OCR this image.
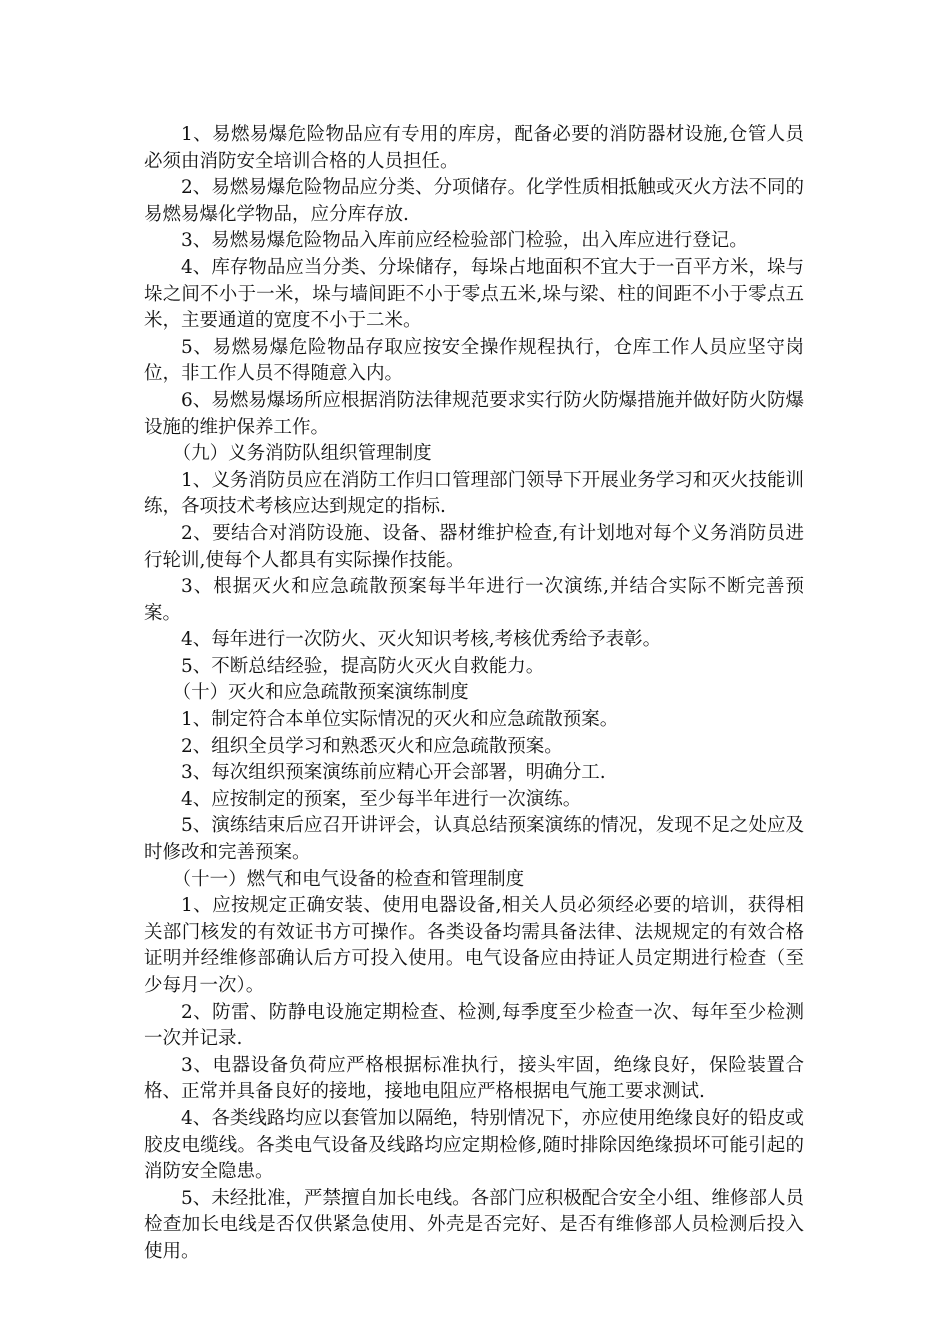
1、易燃易爆危险物品应有专用的库房，配备必要的消防器材设施,仓管人员必须由消防安全培训合格的人员担任。

2、易燃易爆危险物品应分类、分项储存。化学性质相抵触或灭火方法不同的易燃易爆化学物品，应分库存放.

3、易燃易爆危险物品入库前应经检验部门检验，出入库应进行登记。

4、库存物品应当分类、分垛储存，每垛占地面积不宜大于一百平方米，垛与垛之间不小于一米，垛与墙间距不小于零点五米,垛与梁、柱的间距不小于零点五米，主要通道的宽度不小于二米。

5、易燃易爆危险物品存取应按安全操作规程执行，仓库工作人员应坚守岗位，非工作人员不得随意入内。

6、易燃易爆场所应根据消防法律规范要求实行防火防爆措施并做好防火防爆设施的维护保养工作。

（九）义务消防队组织管理制度

1、义务消防员应在消防工作归口管理部门领导下开展业务学习和灭火技能训练，各项技术考核应达到规定的指标.

2、要结合对消防设施、设备、器材维护检查,有计划地对每个义务消防员进行轮训,使每个人都具有实际操作技能。

3、根据灭火和应急疏散预案每半年进行一次演练,并结合实际不断完善预案。

4、每年进行一次防火、灭火知识考核,考核优秀给予表彰。

5、不断总结经验，提高防火灭火自救能力。

（十）灭火和应急疏散预案演练制度

1、制定符合本单位实际情况的灭火和应急疏散预案。

2、组织全员学习和熟悉灭火和应急疏散预案。

3、每次组织预案演练前应精心开会部署，明确分工.

4、应按制定的预案，至少每半年进行一次演练。

5、演练结束后应召开讲评会，认真总结预案演练的情况，发现不足之处应及时修改和完善预案。

（十一）燃气和电气设备的检查和管理制度

1、应按规定正确安装、使用电器设备,相关人员必须经必要的培训，获得相关部门核发的有效证书方可操作。各类设备均需具备法律、法规规定的有效合格证明并经维修部确认后方可投入使用。电气设备应由持证人员定期进行检查（至少每月一次）。

2、防雷、防静电设施定期检查、检测,每季度至少检查一次、每年至少检测一次并记录.

3、电器设备负荷应严格根据标准执行，接头牢固，绝缘良好，保险装置合格、正常并具备良好的接地，接地电阻应严格根据电气施工要求测试.

4、各类线路均应以套管加以隔绝，特别情况下，亦应使用绝缘良好的铅皮或胶皮电缆线。各类电气设备及线路均应定期检修,随时排除因绝缘损坏可能引起的消防安全隐患。

5、未经批准，严禁擅自加长电线。各部门应积极配合安全小组、维修部人员检查加长电线是否仅供紧急使用、外壳是否完好、是否有维修部人员检测后投入使用。
